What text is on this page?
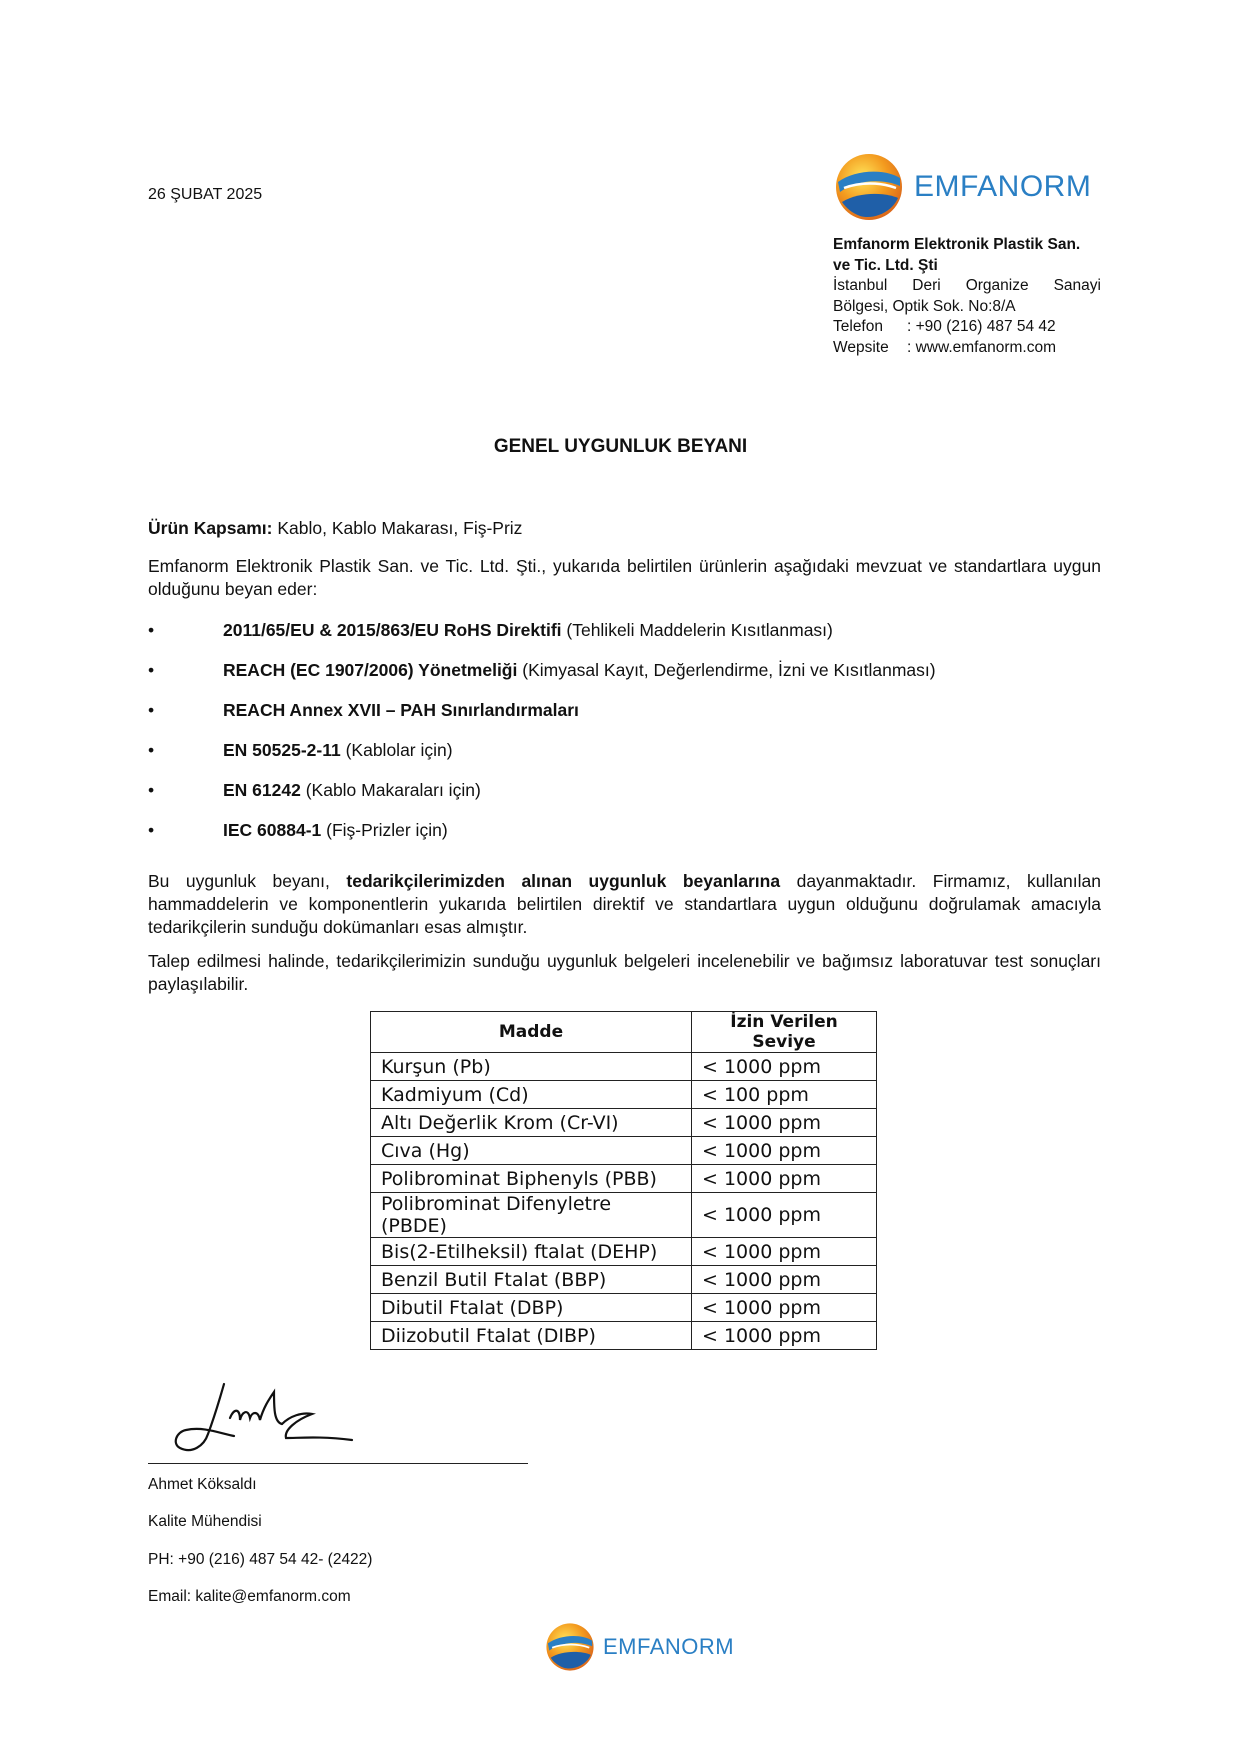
26 ŞUBAT 2025	EMFANORM
Emfanorm Elektronik Plastik San.
ve Tic. Ltd. Şti
İstanbul Deri Organize Sanayi
Bölgesi, Optik Sok. No:8/A
Telefon	: +90 (216) 487 54 42
Wepsite	: www.emfanorm.com
GENEL UYGUNLUK BEYANI
Ürün Kapsamı: Kablo, Kablo Makarası, Fiş-Priz
Emfanorm Elektronik Plastik San. ve Tic. Ltd. Şti., yukarıda belirtilen ürünlerin aşağıdaki mevzuat ve standartlara uygun olduğunu beyan eder:
•	2011/65/EU & 2015/863/EU RoHS Direktifi (Tehlikeli Maddelerin Kısıtlanması)
•	REACH (EC 1907/2006) Yönetmeliği (Kimyasal Kayıt, Değerlendirme, İzni ve Kısıtlanması)
•	REACH Annex XVII – PAH Sınırlandırmaları
•	EN 50525-2-11 (Kablolar için)
•	EN 61242 (Kablo Makaraları için)
•	IEC 60884-1 (Fiş-Prizler için)
Bu uygunluk beyanı, tedarikçilerimizden alınan uygunluk beyanlarına dayanmaktadır. Firmamız, kullanılan hammaddelerin ve komponentlerin yukarıda belirtilen direktif ve standartlara uygun olduğunu doğrulamak amacıyla tedarikçilerin sunduğu dokümanları esas almıştır.
Talep edilmesi halinde, tedarikçilerimizin sunduğu uygunluk belgeleri incelenebilir ve bağımsız laboratuvar test sonuçları paylaşılabilir.
Madde	İzin Verilen Seviye
Kurşun (Pb)	< 1000 ppm
Kadmiyum (Cd)	< 100 ppm
Altı Değerlik Krom (Cr-VI)	< 1000 ppm
Cıva (Hg)	< 1000 ppm
Polibrominat Biphenyls (PBB)	< 1000 ppm
Polibrominat Difenyletre (PBDE)	< 1000 ppm
Bis(2-Etilheksil) ftalat (DEHP)	< 1000 ppm
Benzil Butil Ftalat (BBP)	< 1000 ppm
Dibutil Ftalat (DBP)	< 1000 ppm
Diizobutil Ftalat (DIBP)	< 1000 ppm
Ahmet Köksaldı
Kalite Mühendisi
PH: +90 (216) 487 54 42- (2422)
Email: kalite@emfanorm.com
EMFANORM
